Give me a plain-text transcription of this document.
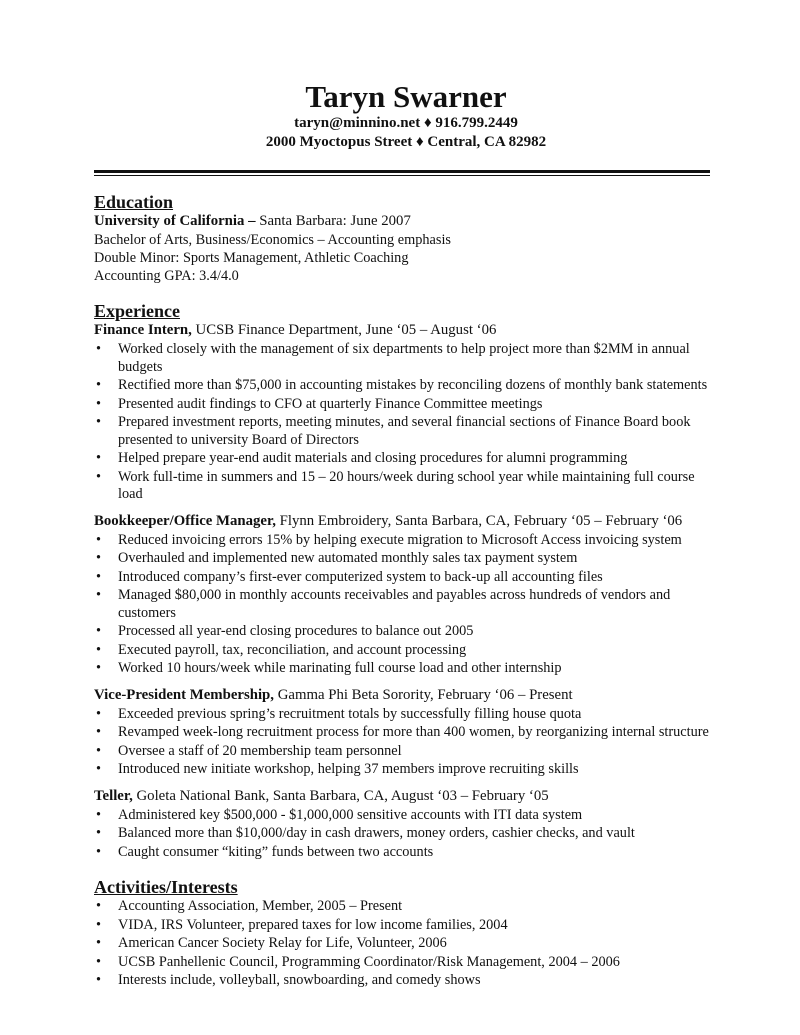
Taryn Swarner
taryn@minnino.net ♦ 916.799.2449
2000 Myoctopus Street ♦ Central, CA 82982
Education
University of California – Santa Barbara: June 2007
Bachelor of Arts, Business/Economics – Accounting emphasis
Double Minor: Sports Management, Athletic Coaching
Accounting GPA: 3.4/4.0
Experience
Finance Intern, UCSB Finance Department, June ‘05 – August ‘06
• Worked closely with the management of six departments to help project more than $2MM in annual budgets
• Rectified more than $75,000 in accounting mistakes by reconciling dozens of monthly bank statements
• Presented audit findings to CFO at quarterly Finance Committee meetings
• Prepared investment reports, meeting minutes, and several financial sections of Finance Board book presented to university Board of Directors
• Helped prepare year-end audit materials and closing procedures for alumni programming
• Work full-time in summers and 15 – 20 hours/week during school year while maintaining full course load
Bookkeeper/Office Manager, Flynn Embroidery, Santa Barbara, CA, February ‘05 – February ‘06
• Reduced invoicing errors 15% by helping execute migration to Microsoft Access invoicing system
• Overhauled and implemented new automated monthly sales tax payment system
• Introduced company’s first-ever computerized system to back-up all accounting files
• Managed $80,000 in monthly accounts receivables and payables across hundreds of vendors and customers
• Processed all year-end closing procedures to balance out 2005
• Executed payroll, tax, reconciliation, and account processing
• Worked 10 hours/week while marinating full course load and other internship
Vice-President Membership, Gamma Phi Beta Sorority, February ‘06 – Present
• Exceeded previous spring’s recruitment totals by successfully filling house quota
• Revamped week-long recruitment process for more than 400 women, by reorganizing internal structure
• Oversee a staff of 20 membership team personnel
• Introduced new initiate workshop, helping 37 members improve recruiting skills
Teller, Goleta National Bank, Santa Barbara, CA, August ‘03 – February ‘05
• Administered key $500,000 - $1,000,000 sensitive accounts with ITI data system
• Balanced more than $10,000/day in cash drawers, money orders, cashier checks, and vault
• Caught consumer “kiting” funds between two accounts
Activities/Interests
• Accounting Association, Member, 2005 – Present
• VIDA, IRS Volunteer, prepared taxes for low income families, 2004
• American Cancer Society Relay for Life, Volunteer, 2006
• UCSB Panhellenic Council, Programming Coordinator/Risk Management, 2004 – 2006
• Interests include, volleyball, snowboarding, and comedy shows
